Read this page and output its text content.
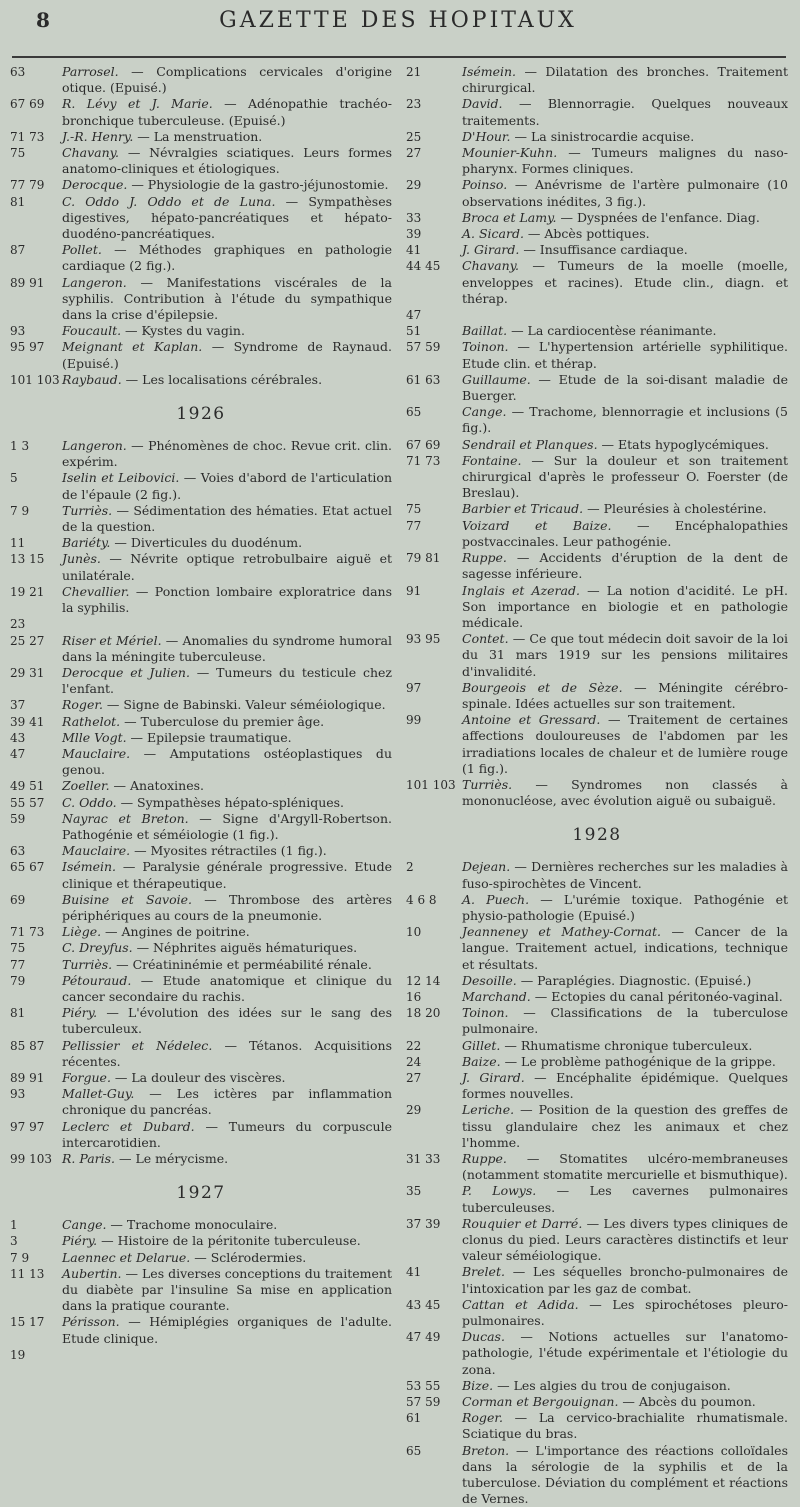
8	GAZETTE DES HOPITAUX
63	Parrosel. — Complications cervicales d'origine otique. (Epuisé.)
67 69	R. Lévy et J. Marie. — Adénopathie trachéo-bronchique tuberculeuse. (Epuisé.)
71 73	J.-R. Henry. — La menstruation.
75	Chavany. — Névralgies sciatiques. Leurs formes anatomo-cliniques et étiologiques.
77 79	Derocque. — Physiologie de la gastro-jéjunostomie.
81	C. Oddo J. Oddo et de Luna. — Sympathèses digestives, hépato-pancréatiques et hépato-duodéno-pancréatiques.
87	Pollet. — Méthodes graphiques en pathologie cardiaque (2 fig.).
89 91	Langeron. — Manifestations viscérales de la syphilis. Contribution à l'étude du sympathique dans la crise d'épilepsie.
93	Foucault. — Kystes du vagin.
95 97	Meignant et Kaplan. — Syndrome de Raynaud. (Epuisé.)
101 103 Raybaud. — Les localisations cérébrales.
1926
1 3	Langeron. — Phénomènes de choc. Revue crit. clin. expérim.
5	Iselin et Leibovici. — Voies d'abord de l'articulation de l'épaule (2 fig.).
7 9	Turriès. — Sédimentation des hématies. Etat actuel de la question.
11	Bariéty. — Diverticules du duodénum.
13 15	Junès. — Névrite optique retrobulbaire aiguë et unilatérale.
19 21	Chevallier. — Ponction lombaire exploratrice dans la syphilis.
23
25 27	Riser et Mériel. — Anomalies du syndrome humoral dans la méningite tuberculeuse.
29 31	Derocque et Julien. — Tumeurs du testicule chez l'enfant.
37	Roger. — Signe de Babinski. Valeur séméiologique.
39 41	Rathelot. — Tuberculose du premier âge.
43	Mlle Vogt. — Epilepsie traumatique.
47	Mauclaire. — Amputations ostéoplastiques du genou.
49 51	Zoeller. — Anatoxines.
55 57	C. Oddo. — Sympathèses hépato-spléniques.
59	Nayrac et Breton. — Signe d'Argyll-Robertson. Pathogénie et séméiologie (1 fig.).
63	Mauclaire. — Myosites rétractiles (1 fig.).
65 67	Isémein. — Paralysie générale progressive. Etude clinique et thérapeutique.
69	Buisine et Savoie. — Thrombose des artères périphériques au cours de la pneumonie.
71 73	Liège. — Angines de poitrine.
75	C. Dreyfus. — Néphrites aiguës hématuriques.
77	Turriès. — Créatininémie et perméabilité rénale.
79	Pétouraud. — Etude anatomique et clinique du cancer secondaire du rachis.
81	Piéry. — L'évolution des idées sur le sang des tuberculeux.
85 87	Pellissier et Nédelec. — Tétanos. Acquisitions récentes.
89 91	Forgue. — La douleur des viscères.
93	Mallet-Guy. — Les ictères par inflammation chronique du pancréas.
97 97	Leclerc et Dubard. — Tumeurs du corpuscule intercarotidien.
99 103 R. Paris. — Le mérycisme.
1927
1	Cange. — Trachome monoculaire.
3	Piéry. — Histoire de la péritonite tuberculeuse.
7 9	Laennec et Delarue. — Sclérodermies.
11 13	Aubertin. — Les diverses conceptions du traitement du diabète par l'insuline Sa mise en application dans la pratique courante.
15 17	Périsson. — Hémiplégies organiques de l'adulte. Etude clinique.
19
21	Isémein. — Dilatation des bronches. Traitement chirurgical.
23	David. — Blennorragie. Quelques nouveaux traitements.
25	D'Hour. — La sinistrocardie acquise.
27	Mounier-Kuhn. — Tumeurs malignes du naso-pharynx. Formes cliniques.
29	Poinso. — Anévrisme de l'artère pulmonaire (10 observations inédites, 3 fig.).
33	Broca et Lamy. — Dyspnées de l'enfance. Diag.
39	A. Sicard. — Abcès pottiques.
41	J. Girard. — Insuffisance cardiaque.
44 45	Chavany. — Tumeurs de la moelle (moelle, enveloppes et racines). Etude clin., diagn. et thérap.
47
51	Baillat. — La cardiocentèse réanimante.
57 59	Toinon. — L'hypertension artérielle syphilitique. Etude clin. et thérap.
61 63	Guillaume. — Etude de la soi-disant maladie de Buerger.
65	Cange. — Trachome, blennorragie et inclusions (5 fig.).
67 69	Sendrail et Planques. — Etats hypoglycémiques.
71 73	Fontaine. — Sur la douleur et son traitement chirurgical d'après le professeur O. Foerster (de Breslau).
75	Barbier et Tricaud. — Pleurésies à cholestérine.
77	Voizard et Baize. — Encéphalopathies postvaccinales. Leur pathogénie.
79 81	Ruppe. — Accidents d'éruption de la dent de sagesse inférieure.
91	Inglais et Azerad. — La notion d'acidité. Le pH. Son importance en biologie et en pathologie médicale.
93 95	Contet. — Ce que tout médecin doit savoir de la loi du 31 mars 1919 sur les pensions militaires d'invalidité.
97	Bourgeois et de Sèze. — Méningite cérébro-spinale. Idées actuelles sur son traitement.
99	Antoine et Gressard. — Traitement de certaines affections douloureuses de l'abdomen par les irradiations locales de chaleur et de lumière rouge (1 fig.).
101 103 Turriès. — Syndromes non classés à mononucléose, avec évolution aiguë ou subaiguë.
1928
2	Dejean. — Dernières recherches sur les maladies à fuso-spirochètes de Vincent.
4 6 8	A. Puech. — L'urémie toxique. Pathogénie et physio-pathologie (Epuisé.)
10	Jeanneney et Mathey-Cornat. — Cancer de la langue. Traitement actuel, indications, technique et résultats.
12 14	Desoille. — Paraplégies. Diagnostic. (Epuisé.)
16	Marchand. — Ectopies du canal péritonéo-vaginal.
18 20	Toinon. — Classifications de la tuberculose pulmonaire.
22	Gillet. — Rhumatisme chronique tuberculeux.
24	Baize. — Le problème pathogénique de la grippe.
27	J. Girard. — Encéphalite épidémique. Quelques formes nouvelles.
29	Leriche. — Position de la question des greffes de tissu glandulaire chez les animaux et chez l'homme.
31 33	Ruppe. — Stomatites ulcéro-membraneuses (notamment stomatite mercurielle et bismuthique).
35	P. Lowys. — Les cavernes pulmonaires tuberculeuses.
37 39	Rouquier et Darré. — Les divers types cliniques de clonus du pied. Leurs caractères distinctifs et leur valeur séméiologique.
41	Brelet. — Les séquelles broncho-pulmonaires de l'intoxication par les gaz de combat.
43 45	Cattan et Adida. — Les spirochétoses pleuro-pulmonaires.
47 49	Ducas. — Notions actuelles sur l'anatomo-pathologie, l'étude expérimentale et l'étiologie du zona.
53 55	Bize. — Les algies du trou de conjugaison.
57 59	Corman et Bergouignan. — Abcès du poumon.
61	Roger. — La cervico-brachialite rhumatismale. Sciatique du bras.
65	Breton. — L'importance des réactions colloïdales dans la sérologie de la syphilis et de la tuberculose. Déviation du complément et réactions de Vernes.
